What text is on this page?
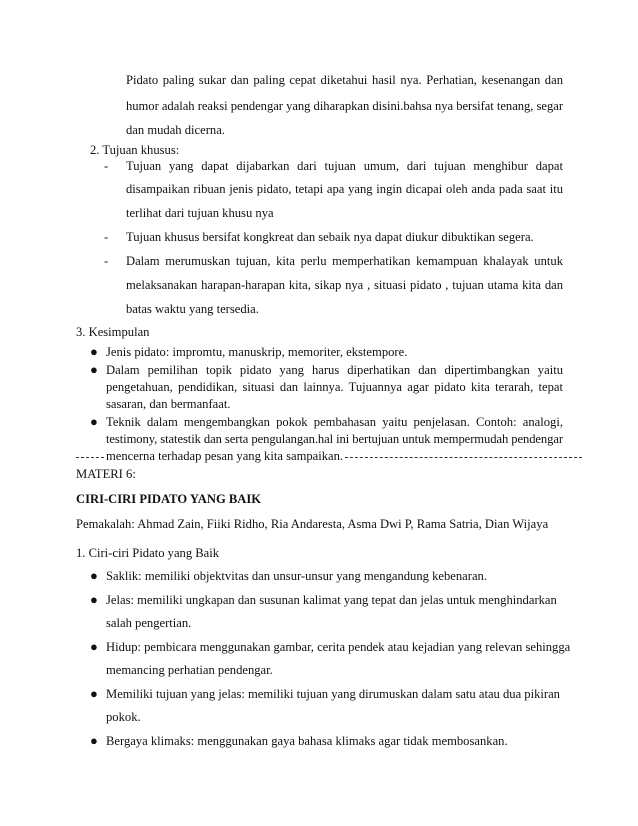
Pidato paling sukar dan paling cepat diketahui hasil nya. Perhatian, kesenangan dan
humor adalah reaksi pendengar yang diharapkan disini.bahsa nya bersifat tenang, segar
dan mudah dicerna.
2. Tujuan khusus:
- Tujuan yang dapat dijabarkan dari tujuan umum, dari tujuan menghibur dapat
disampaikan ribuan jenis pidato, tetapi apa yang ingin dicapai oleh anda pada saat itu
terlihat dari tujuan khusu nya
- Tujuan khusus bersifat kongkreat dan sebaik nya dapat diukur dibuktikan segera.
- Dalam merumuskan tujuan, kita perlu memperhatikan kemampuan khalayak untuk
melaksanakan harapan-harapan kita, sikap nya , situasi pidato , tujuan utama kita dan
batas waktu yang tersedia.
3. Kesimpulan
● Jenis pidato: impromtu, manuskrip, memoriter, ekstempore.
● Dalam pemilihan topik pidato yang harus diperhatikan dan dipertimbangkan yaitu
pengetahuan, pendidikan, situasi dan lainnya. Tujuannya agar pidato kita terarah, tepat
sasaran, dan bermanfaat.
● Teknik dalam mengembangkan pokok pembahasan yaitu penjelasan. Contoh: analogi,
testimony, statestik dan serta pengulangan.hal ini bertujuan untuk mempermudah pendengar
mencerna terhadap pesan yang kita sampaikan.
MATERI 6:
CIRI-CIRI PIDATO YANG BAIK
Pemakalah: Ahmad Zain, Fiiki Ridho, Ria Andaresta, Asma Dwi P, Rama Satria, Dian Wijaya
1. Ciri-ciri Pidato yang Baik
● Saklik: memiliki objektvitas dan unsur-unsur yang mengandung kebenaran.
● Jelas: memiliki ungkapan dan susunan kalimat yang tepat dan jelas untuk menghindarkan
salah pengertian.
● Hidup: pembicara menggunakan gambar, cerita pendek atau kejadian yang relevan sehingga
memancing perhatian pendengar.
● Memiliki tujuan yang jelas: memiliki tujuan yang dirumuskan dalam satu atau dua pikiran
pokok.
● Bergaya klimaks: menggunakan gaya bahasa klimaks agar tidak membosankan.
